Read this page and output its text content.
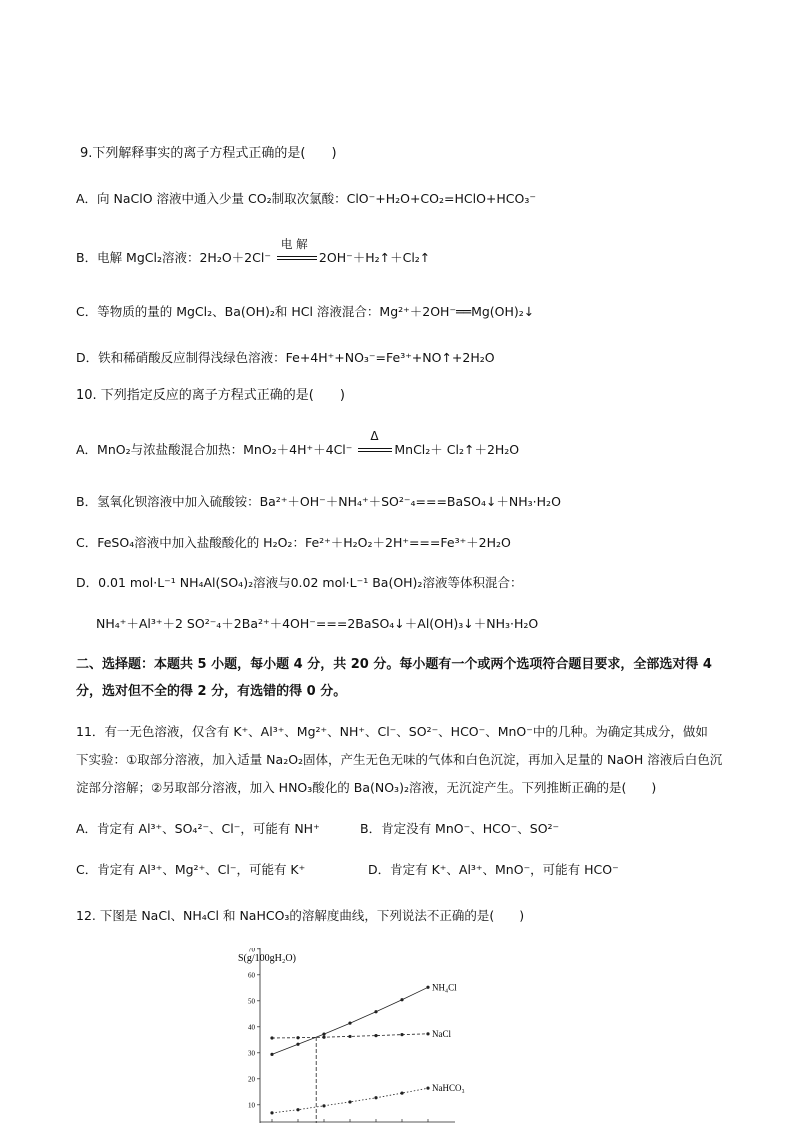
9.下列解释事实的离子方程式正确的是(　　)
A．向 NaClO 溶液中通入少量 CO₂制取次氯酸：ClO⁻+H₂O+CO₂=HClO+HCO₃⁻
B．电解 MgCl₂溶液：2H₂O＋2Cl⁻
电 解
2OH⁻＋H₂↑＋Cl₂↑
C．等物质的量的 MgCl₂、Ba(OH)₂和 HCl 溶液混合：Mg²⁺＋2OH⁻══Mg(OH)₂↓
D．铁和稀硝酸反应制得浅绿色溶液：Fe+4H⁺+NO₃⁻=Fe³⁺+NO↑+2H₂O
10. 下列指定反应的离子方程式正确的是(　　)
A．MnO₂与浓盐酸混合加热：MnO₂＋4H⁺＋4Cl⁻
Δ
MnCl₂＋ Cl₂↑＋2H₂O
B．氢氧化钡溶液中加入硫酸铵：Ba²⁺＋OH⁻＋NH₄⁺＋SO²⁻₄===BaSO₄↓＋NH₃·H₂O
C．FeSO₄溶液中加入盐酸酸化的 H₂O₂：Fe²⁺＋H₂O₂＋2H⁺===Fe³⁺＋2H₂O
D．0.01 mol·L⁻¹ NH₄Al(SO₄)₂溶液与0.02 mol·L⁻¹ Ba(OH)₂溶液等体积混合：
NH₄⁺＋Al³⁺＋2 SO²⁻₄＋2Ba²⁺＋4OH⁻===2BaSO₄↓＋Al(OH)₃↓＋NH₃·H₂O
二、选择题：本题共 5 小题，每小题 4 分，共 20 分。每小题有一个或两个选项符合题目要求，全部选对得 4
分，选对但不全的得 2 分，有选错的得 0 分。
11．有一无色溶液，仅含有 K⁺、Al³⁺、Mg²⁺、NH⁺、Cl⁻、SO²⁻、HCO⁻、MnO⁻中的几种。为确定其成分，做如
下实验：①取部分溶液，加入适量 Na₂O₂固体，产生无色无味的气体和白色沉淀，再加入足量的 NaOH 溶液后白色沉
淀部分溶解；②另取部分溶液，加入 HNO₃酸化的 Ba(NO₃)₂溶液，无沉淀产生。下列推断正确的是(　　)
A．肯定有 Al³⁺、SO₄²⁻、Cl⁻，可能有 NH⁺	B．肯定没有 MnO⁻、HCO⁻、SO²⁻
C．肯定有 Al³⁺、Mg²⁺、Cl⁻，可能有 K⁺	D．肯定有 K⁺、Al³⁺、MnO⁻，可能有 HCO⁻
12. 下图是 NaCl、NH₄Cl 和 NaHCO₃的溶解度曲线，下列说法不正确的是(　　)
S(g/100gH₂O)
10
20
30
40
50
60
70
NH₄Cl
NaCl
NaHCO₃
